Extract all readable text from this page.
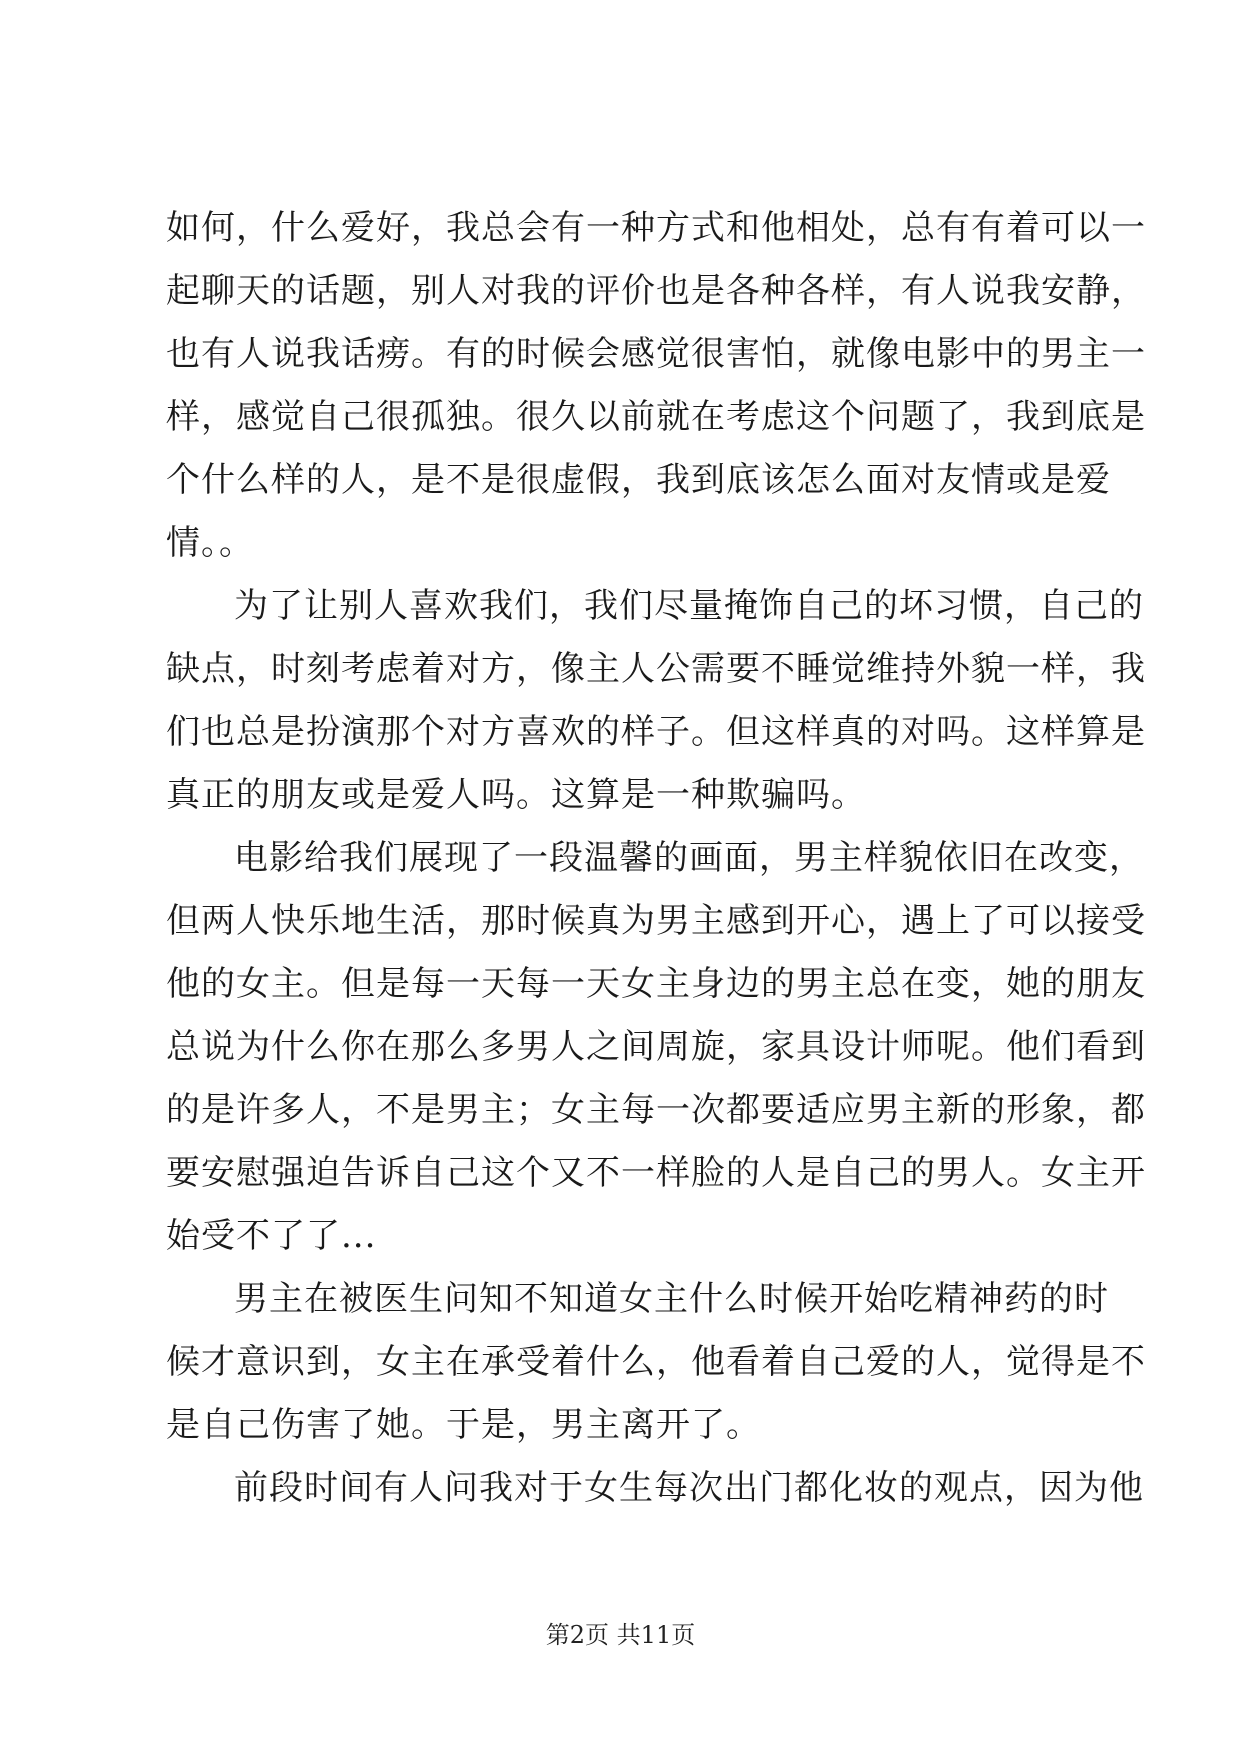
如何，什么爱好，我总会有一种方式和他相处，总有有着可以一
起聊天的话题，别人对我的评价也是各种各样，有人说我安静，
也有人说我话痨。有的时候会感觉很害怕，就像电影中的男主一
样，感觉自己很孤独。很久以前就在考虑这个问题了，我到底是
个什么样的人，是不是很虚假，我到底该怎么面对友情或是爱
情。。
为了让别人喜欢我们，我们尽量掩饰自己的坏习惯，自己的
缺点，时刻考虑着对方，像主人公需要不睡觉维持外貌一样，我
们也总是扮演那个对方喜欢的样子。但这样真的对吗。这样算是
真正的朋友或是爱人吗。这算是一种欺骗吗。
电影给我们展现了一段温馨的画面，男主样貌依旧在改变，
但两人快乐地生活，那时候真为男主感到开心，遇上了可以接受
他的女主。但是每一天每一天女主身边的男主总在变，她的朋友
总说为什么你在那么多男人之间周旋，家具设计师呢。他们看到
的是许多人，不是男主；女主每一次都要适应男主新的形象，都
要安慰强迫告诉自己这个又不一样脸的人是自己的男人。女主开
始受不了了...
男主在被医生问知不知道女主什么时候开始吃精神药的时
候才意识到，女主在承受着什么，他看着自己爱的人，觉得是不
是自己伤害了她。于是，男主离开了。
前段时间有人问我对于女生每次出门都化妆的观点，因为他
第2页 共11页
